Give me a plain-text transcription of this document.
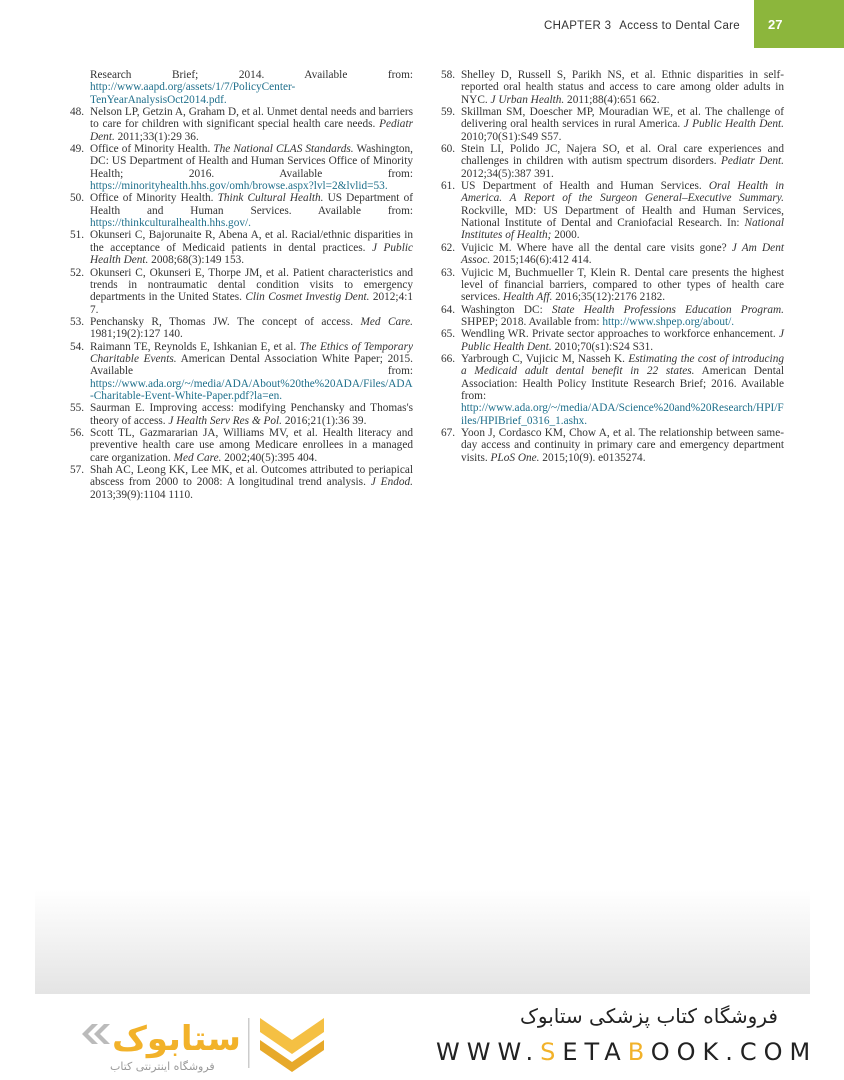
CHAPTER 3 Access to Dental Care	27
Research Brief; 2014. Available from: http://www.aapd.org/assets/1/7/PolicyCenter-TenYearAnalysisOct2014.pdf.
48. Nelson LP, Getzin A, Graham D, et al. Unmet dental needs and barriers to care for children with significant special health care needs. Pediatr Dent. 2011;33(1):29 36.
49. Office of Minority Health. The National CLAS Standards. Washington, DC: US Department of Health and Human Services Office of Minority Health; 2016. Available from: https://minorityhealth.hhs.gov/omh/browse.aspx?lvl=2&lvlid=53.
50. Office of Minority Health. Think Cultural Health. US Department of Health and Human Services. Available from: https://thinkculturalhealth.hhs.gov/.
51. Okunseri C, Bajorunaite R, Abena A, et al. Racial/ethnic disparities in the acceptance of Medicaid patients in dental practices. J Public Health Dent. 2008;68(3):149 153.
52. Okunseri C, Okunseri E, Thorpe JM, et al. Patient characteristics and trends in nontraumatic dental condition visits to emergency departments in the United States. Clin Cosmet Investig Dent. 2012;4:1 7.
53. Penchansky R, Thomas JW. The concept of access. Med Care. 1981;19(2):127 140.
54. Raimann TE, Reynolds E, Ishkanian E, et al. The Ethics of Temporary Charitable Events. American Dental Association White Paper; 2015. Available from: https://www.ada.org/~/media/ADA/About%20the%20ADA/Files/ADA-Charitable-Event-White-Paper.pdf?la=en.
55. Saurman E. Improving access: modifying Penchansky and Thomas's theory of access. J Health Serv Res & Pol. 2016;21(1):36 39.
56. Scott TL, Gazmararian JA, Williams MV, et al. Health literacy and preventive health care use among Medicare enrollees in a managed care organization. Med Care. 2002;40(5):395 404.
57. Shah AC, Leong KK, Lee MK, et al. Outcomes attributed to periapical abscess from 2000 to 2008: A longitudinal trend analysis. J Endod. 2013;39(9):1104 1110.
58. Shelley D, Russell S, Parikh NS, et al. Ethnic disparities in self-reported oral health status and access to care among older adults in NYC. J Urban Health. 2011;88(4):651 662.
59. Skillman SM, Doescher MP, Mouradian WE, et al. The challenge of delivering oral health services in rural America. J Public Health Dent. 2010;70(S1):S49 S57.
60. Stein LI, Polido JC, Najera SO, et al. Oral care experiences and challenges in children with autism spectrum disorders. Pediatr Dent. 2012;34(5):387 391.
61. US Department of Health and Human Services. Oral Health in America. A Report of the Surgeon General–Executive Summary. Rockville, MD: US Department of Health and Human Services, National Institute of Dental and Craniofacial Research. In: National Institutes of Health; 2000.
62. Vujicic M. Where have all the dental care visits gone? J Am Dent Assoc. 2015;146(6):412 414.
63. Vujicic M, Buchmueller T, Klein R. Dental care presents the highest level of financial barriers, compared to other types of health care services. Health Aff. 2016;35(12):2176 2182.
64. Washington DC: State Health Professions Education Program. SHPEP; 2018. Available from: http://www.shpep.org/about/.
65. Wendling WR. Private sector approaches to workforce enhancement. J Public Health Dent. 2010;70(s1):S24 S31.
66. Yarbrough C, Vujicic M, Nasseh K. Estimating the cost of introducing a Medicaid adult dental benefit in 22 states. American Dental Association: Health Policy Institute Research Brief; 2016. Available from: http://www.ada.org/~/media/ADA/Science%20and%20Research/HPI/Files/HPIBrief_0316_1.ashx.
67. Yoon J, Cordasco KM, Chow A, et al. The relationship between same-day access and continuity in primary care and emergency department visits. PLoS One. 2015;10(9). e0135274.
ﺳﺘﺎﺑﻮک
فروشگاه اینترنتی کتاب
فروشگاه کتاب پزشکی ستابوک
WWW.SETABOOK.COM
